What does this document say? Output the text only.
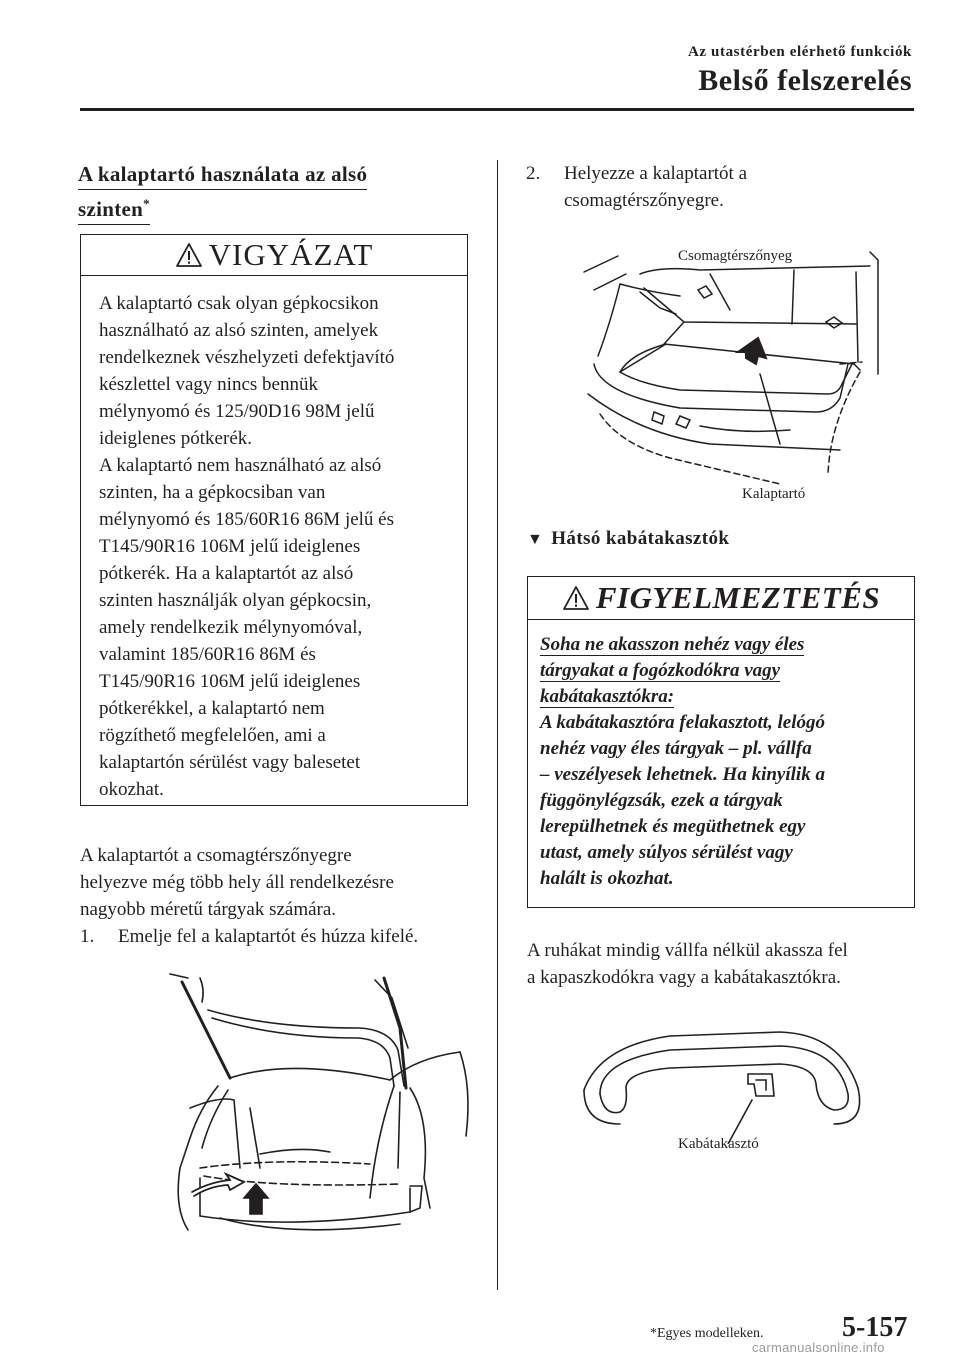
Az utastérben elérhető funkciók
Belső felszerelés
A kalaptartó használata az alsó
szinten*
VIGYÁZAT
A kalaptartó csak olyan gépkocsikon
használható az alsó szinten, amelyek
rendelkeznek vészhelyzeti defektjavító
készlettel vagy nincs bennük
mélynyomó és 125/90D16 98M jelű
ideiglenes pótkerék.
A kalaptartó nem használható az alsó
szinten, ha a gépkocsiban van
mélynyomó és 185/60R16 86M jelű és
T145/90R16 106M jelű ideiglenes
pótkerék. Ha a kalaptartót az alsó
szinten használják olyan gépkocsin,
amely rendelkezik mélynyomóval,
valamint 185/60R16 86M és
T145/90R16 106M jelű ideiglenes
pótkerékkel, a kalaptartó nem
rögzíthető megfelelően, ami a
kalaptartón sérülést vagy balesetet
okozhat.
A kalaptartót a csomagtérszőnyegre
helyezve még több hely áll rendelkezésre
nagyobb méretű tárgyak számára.
1. Emelje fel a kalaptartót és húzza kifelé.
2. Helyezze a kalaptartót a
csomagtérszőnyegre.
Csomagtérszőnyeg
Kalaptartó
▼ Hátsó kabátakasztók
FIGYELMEZTETÉS
Soha ne akasszon nehéz vagy éles
tárgyakat a fogózkodókra vagy
kabátakasztókra:
A kabátakasztóra felakasztott, lelógó
nehéz vagy éles tárgyak – pl. vállfa
– veszélyesek lehetnek. Ha kinyílik a
függönylégzsák, ezek a tárgyak
lerepülhetnek és megüthetnek egy
utast, amely súlyos sérülést vagy
halált is okozhat.
A ruhákat mindig vállfa nélkül akassza fel
a kapaszkodókra vagy a kabátakasztókra.
Kabátakasztó
*Egyes modelleken.	5-157
carmanualsonline.info
